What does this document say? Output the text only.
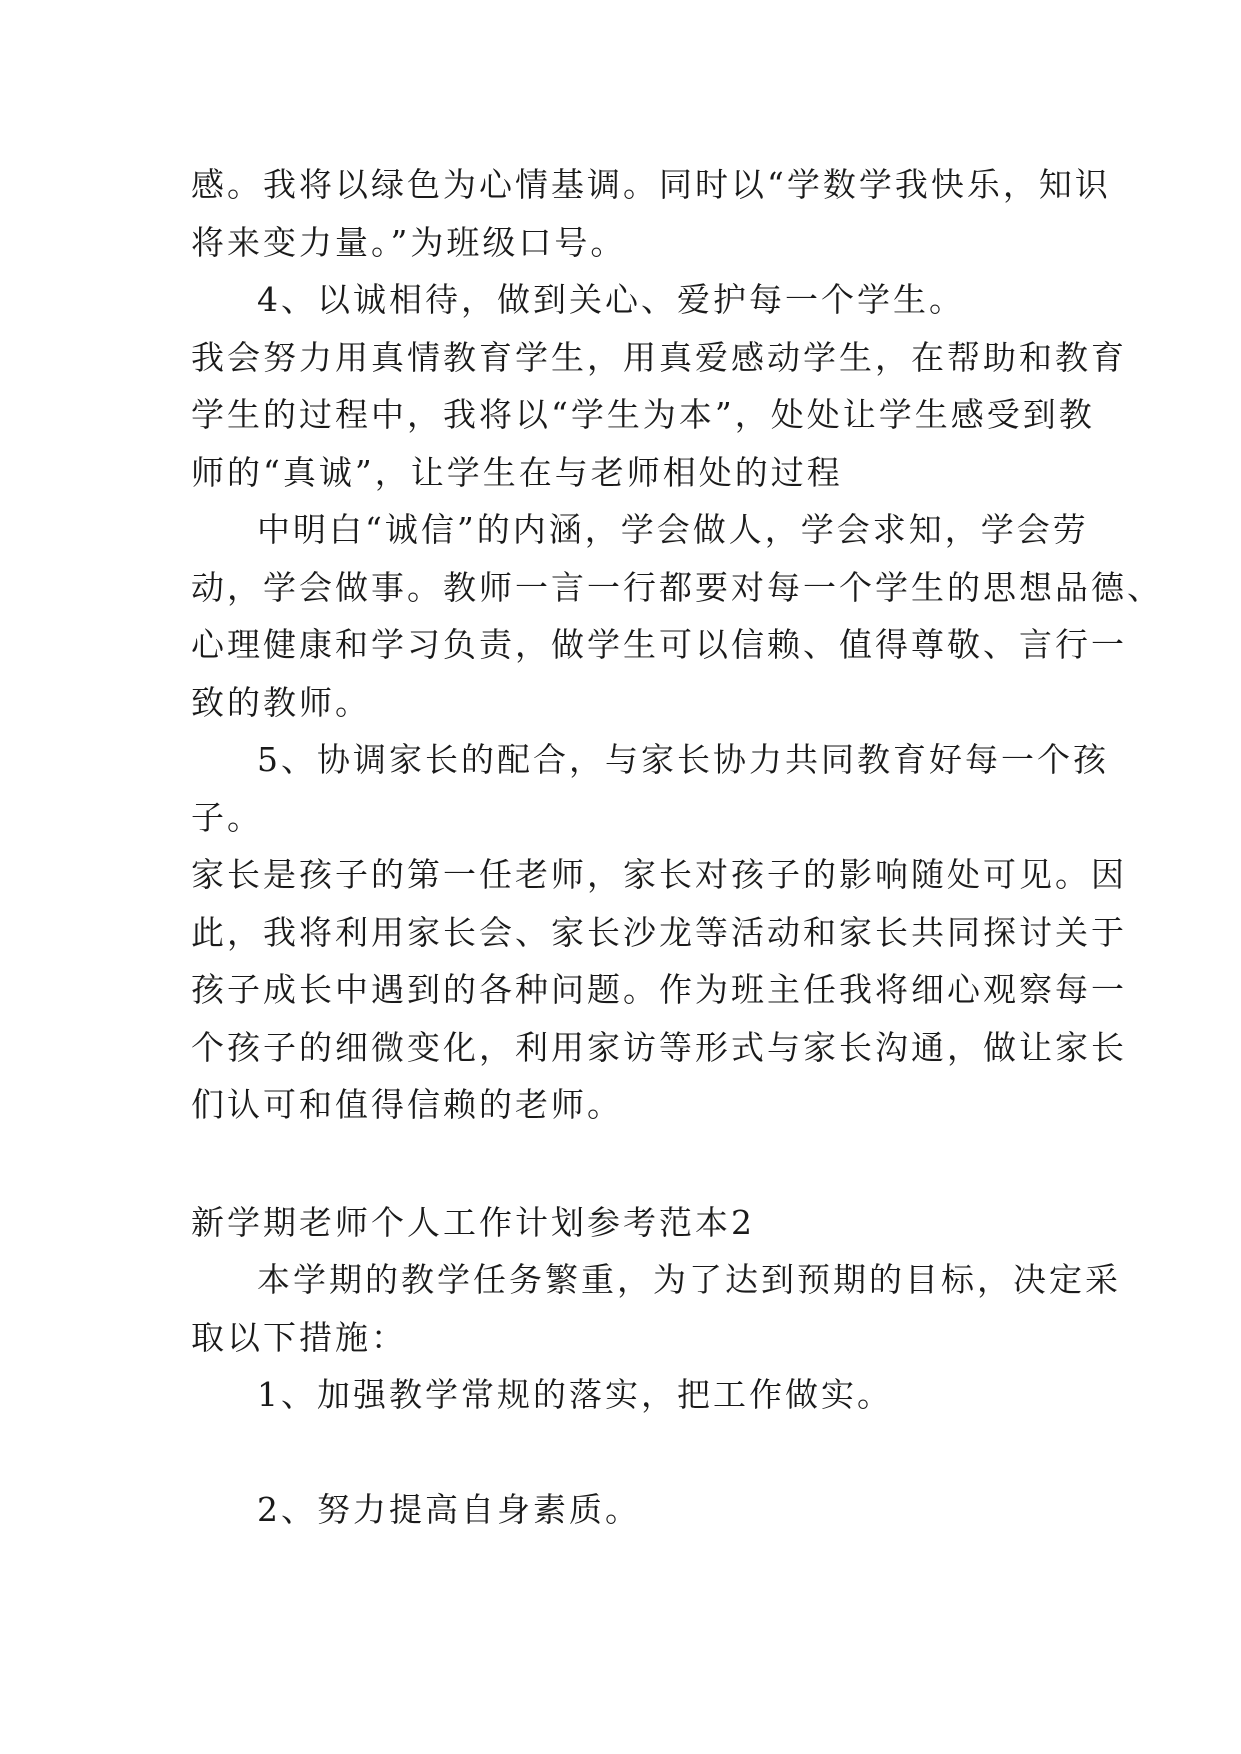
感。我将以绿色为心情基调。同时以“学数学我快乐，知识
将来变力量。”为班级口号。
4、以诚相待，做到关心、爱护每一个学生。
我会努力用真情教育学生，用真爱感动学生，在帮助和教育
学生的过程中，我将以“学生为本”，处处让学生感受到教
师的“真诚”，让学生在与老师相处的过程
中明白“诚信”的内涵，学会做人，学会求知，学会劳
动，学会做事。教师一言一行都要对每一个学生的思想品德、
心理健康和学习负责，做学生可以信赖、值得尊敬、言行一
致的教师。
5、协调家长的配合，与家长协力共同教育好每一个孩
子。
家长是孩子的第一任老师，家长对孩子的影响随处可见。因
此，我将利用家长会、家长沙龙等活动和家长共同探讨关于
孩子成长中遇到的各种问题。作为班主任我将细心观察每一
个孩子的细微变化，利用家访等形式与家长沟通，做让家长
们认可和值得信赖的老师。
新学期老师个人工作计划参考范本2
本学期的教学任务繁重，为了达到预期的目标，决定采
取以下措施：
1、加强教学常规的落实，把工作做实。
2、努力提高自身素质。
